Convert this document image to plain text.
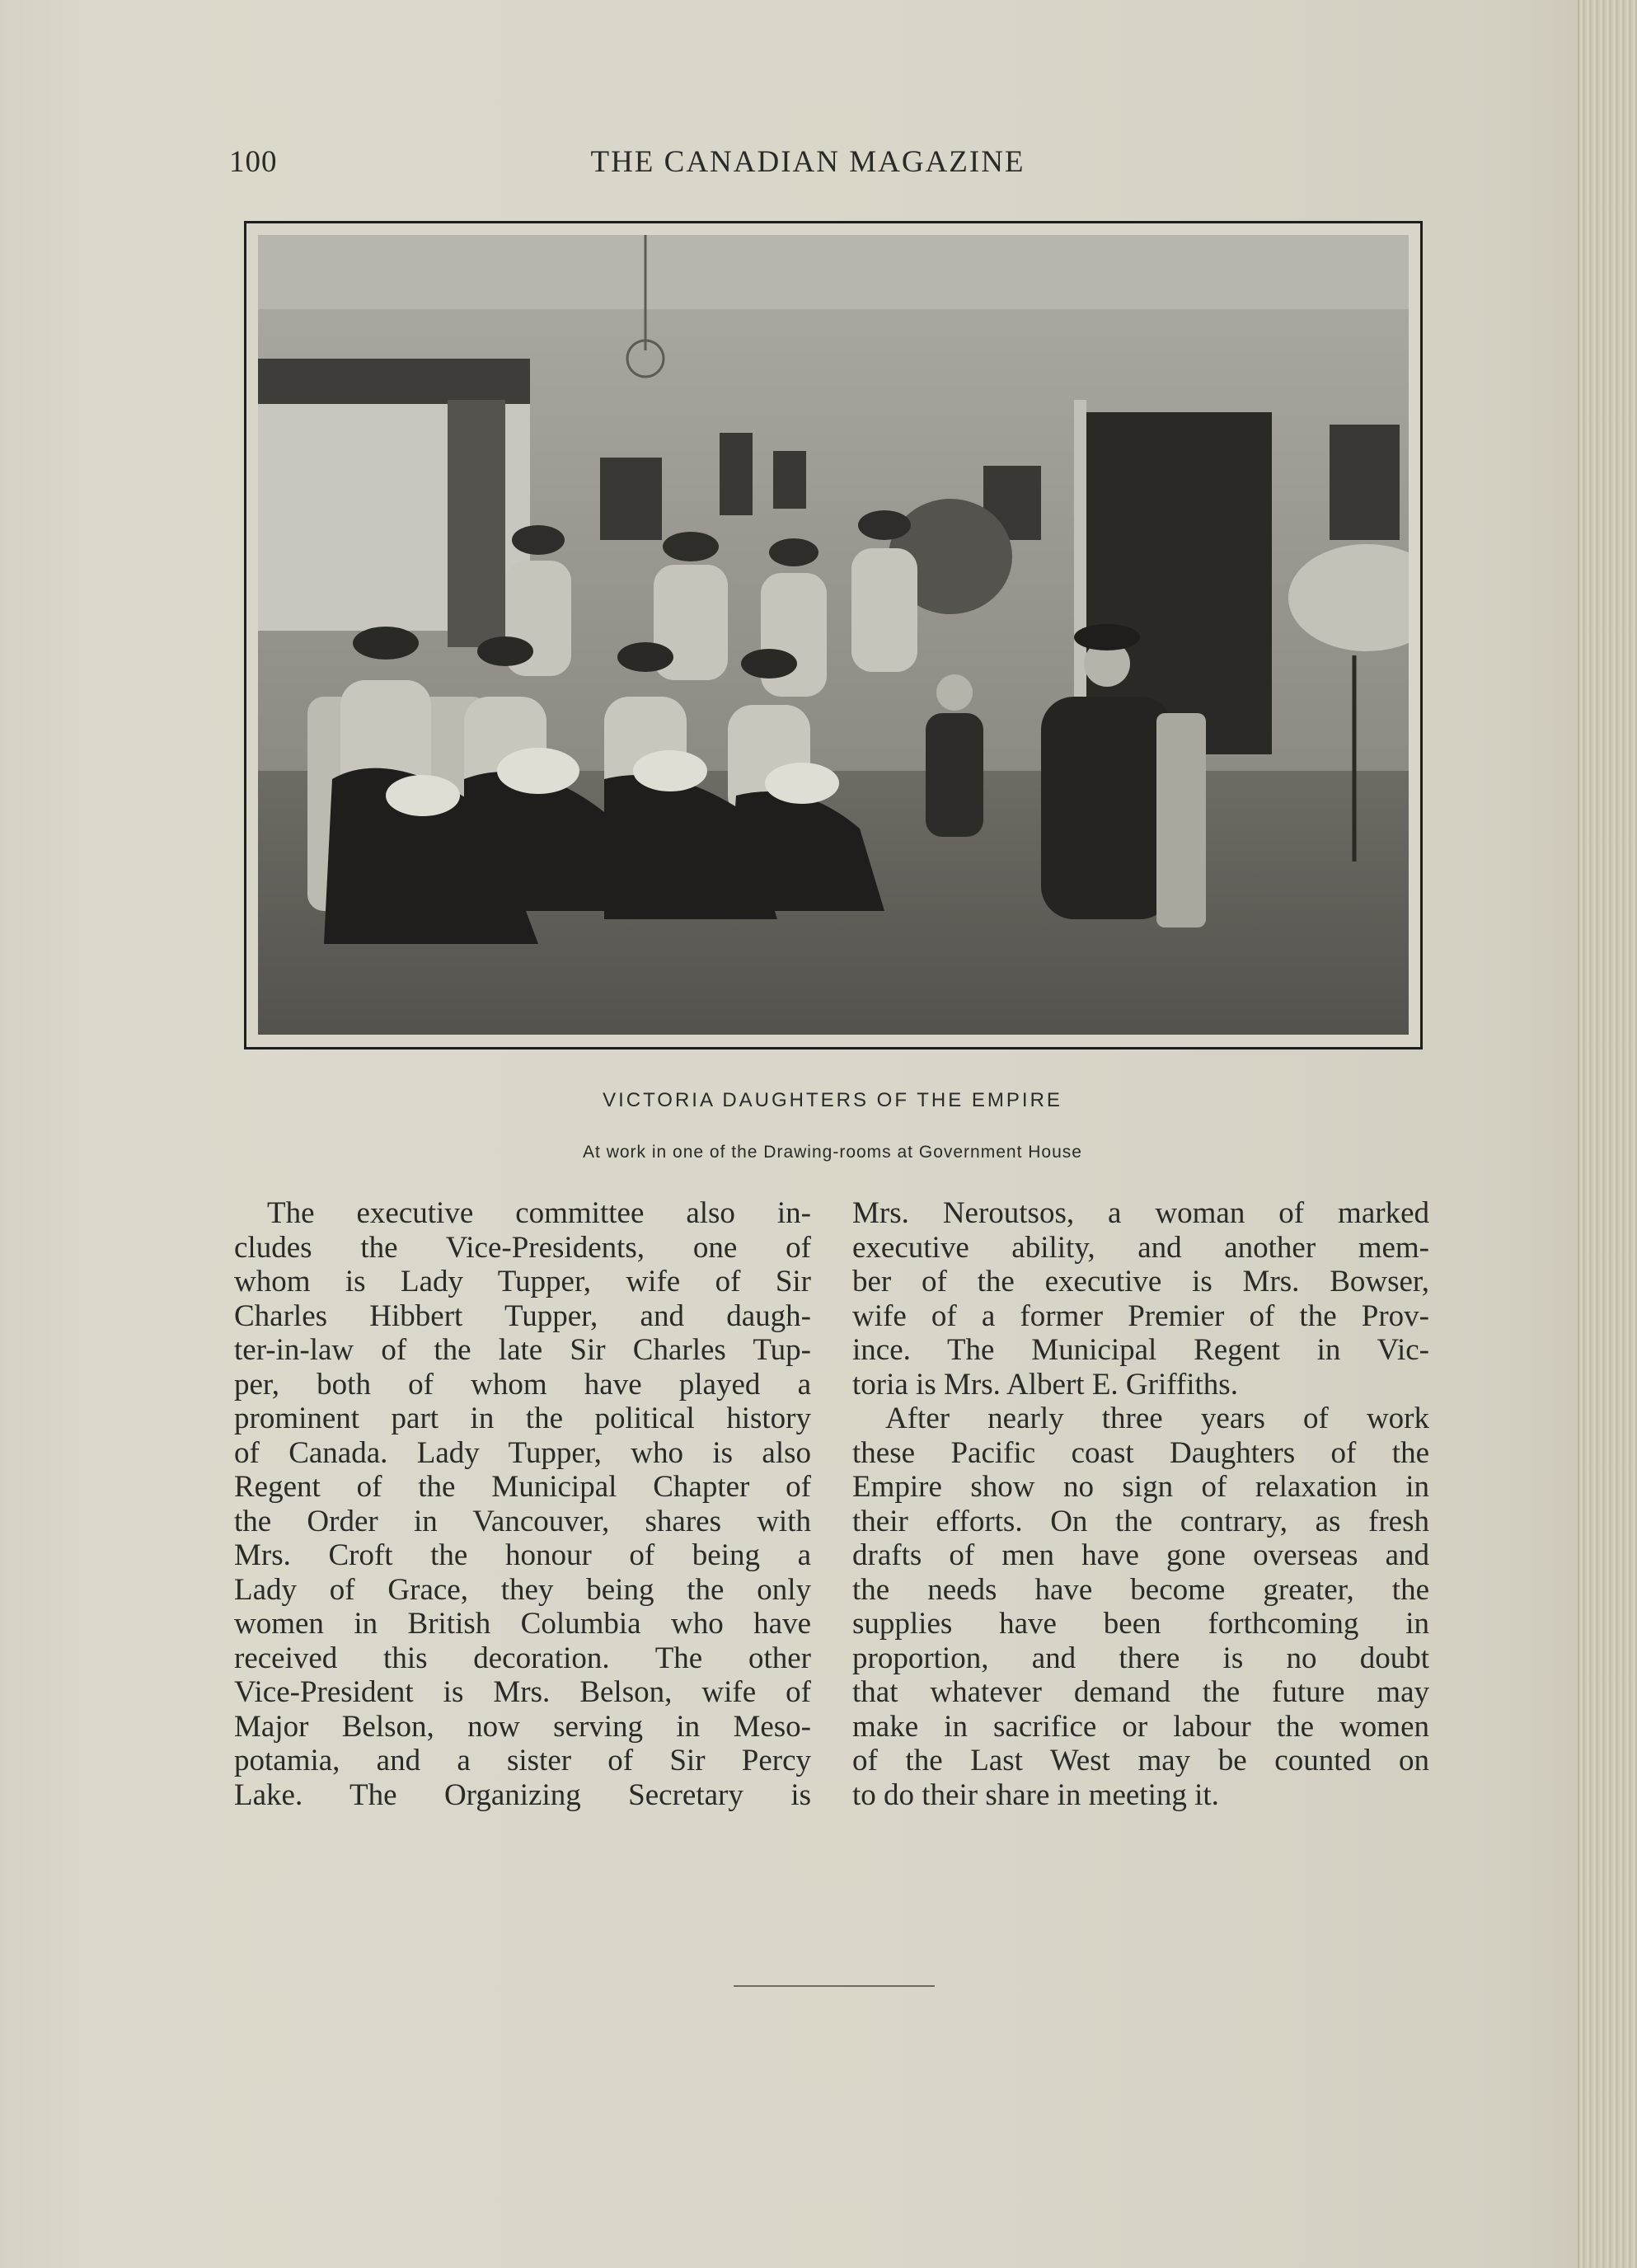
100	THE CANADIAN MAGAZINE
VICTORIA DAUGHTERS OF THE EMPIRE
At work in one of the Drawing-rooms at Government House
The executive committee also in-
cludes the Vice-Presidents, one of
whom is Lady Tupper, wife of Sir
Charles Hibbert Tupper, and daugh-
ter-in-law of the late Sir Charles Tup-
per, both of whom have played a
prominent part in the political history
of Canada. Lady Tupper, who is also
Regent of the Municipal Chapter of
the Order in Vancouver, shares with
Mrs. Croft the honour of being a
Lady of Grace, they being the only
women in British Columbia who have
received this decoration. The other
Vice-President is Mrs. Belson, wife of
Major Belson, now serving in Meso-
potamia, and a sister of Sir Percy
Lake. The Organizing Secretary is
Mrs. Neroutsos, a woman of marked
executive ability, and another mem-
ber of the executive is Mrs. Bowser,
wife of a former Premier of the Prov-
ince. The Municipal Regent in Vic-
toria is Mrs. Albert E. Griffiths.
After nearly three years of work
these Pacific coast Daughters of the
Empire show no sign of relaxation in
their efforts. On the contrary, as fresh
drafts of men have gone overseas and
the needs have become greater, the
supplies have been forthcoming in
proportion, and there is no doubt
that whatever demand the future may
make in sacrifice or labour the women
of the Last West may be counted on
to do their share in meeting it.
